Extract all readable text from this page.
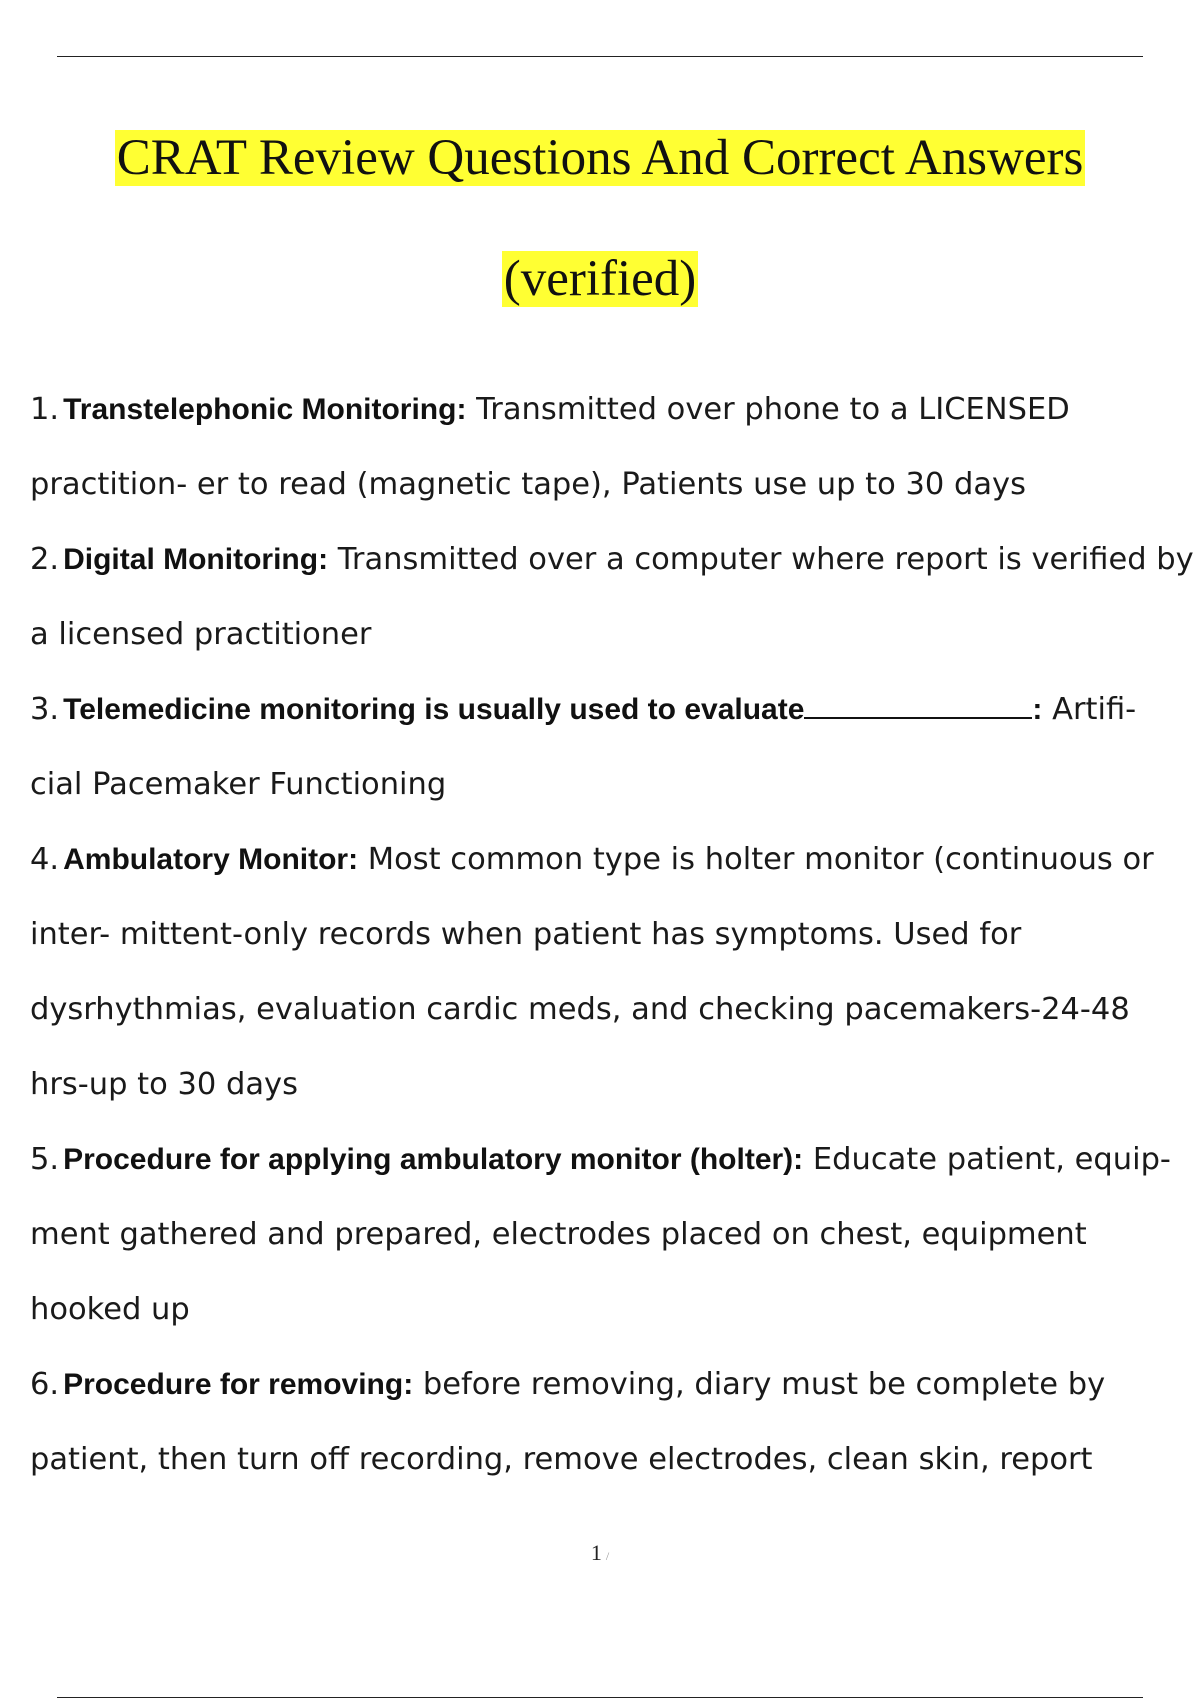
CRAT Review Questions And Correct Answers
(verified)

1. Transtelephonic Monitoring: Transmitted over phone to a LICENSED practition- er to read (magnetic tape), Patients use up to 30 days

2. Digital Monitoring: Transmitted over a computer where report is verified by a licensed practitioner

3. Telemedicine monitoring is usually used to evaluate	: Artifi- cial Pacemaker Functioning

4. Ambulatory Monitor: Most common type is holter monitor (continuous or inter- mittent-only records when patient has symptoms. Used for dysrhythmias, evaluation cardic meds, and checking pacemakers-24-48 hrs-up to 30 days

5. Procedure for applying ambulatory monitor (holter): Educate patient, equip- ment gathered and prepared, electrodes placed on chest, equipment hooked up

6. Procedure for removing: before removing, diary must be complete by patient, then turn off recording, remove electrodes, clean skin, report

1 /
